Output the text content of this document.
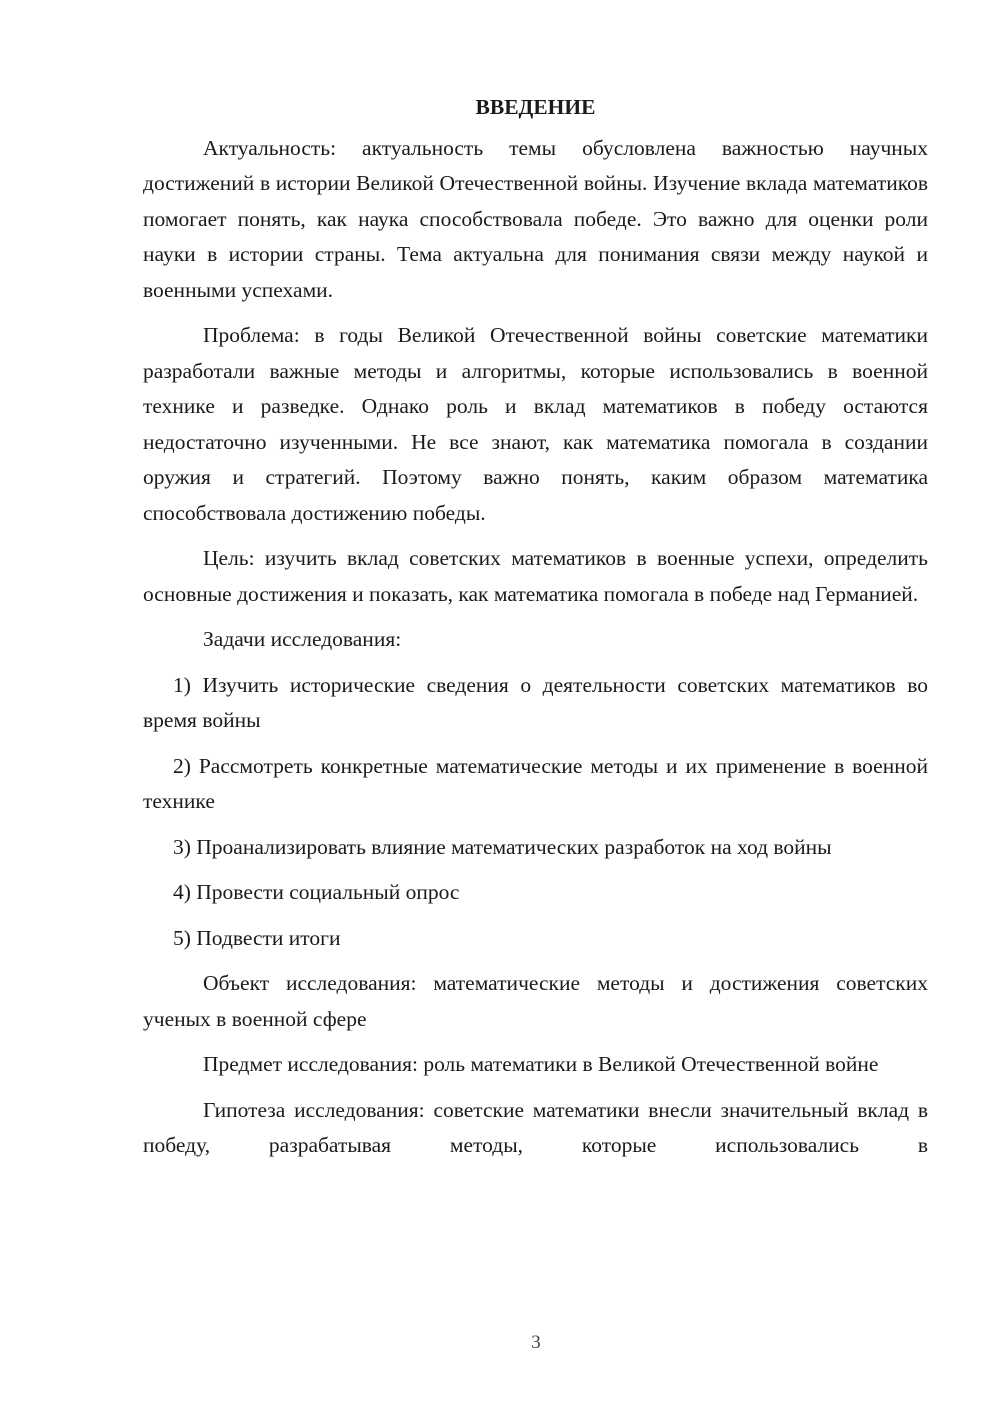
ВВЕДЕНИЕ

Актуальность: актуальность темы обусловлена важностью научных достижений в истории Великой Отечественной войны. Изучение вклада математиков помогает понять, как наука способствовала победе. Это важно для оценки роли науки в истории страны. Тема актуальна для понимания связи между наукой и военными успехами.

Проблема: в годы Великой Отечественной войны советские математики разработали важные методы и алгоритмы, которые использовались в военной технике и разведке. Однако роль и вклад математиков в победу остаются недостаточно изученными. Не все знают, как математика помогала в создании оружия и стратегий. Поэтому важно понять, каким образом математика способствовала достижению победы.

Цель: изучить вклад советских математиков в военные успехи, определить основные достижения и показать, как математика помогала в победе над Германией.

Задачи исследования:

1) Изучить исторические сведения о деятельности советских математиков во время войны

2) Рассмотреть конкретные математические методы и их применение в военной технике

3) Проанализировать влияние математических разработок на ход войны

4) Провести социальный опрос

5) Подвести итоги

Объект исследования: математические методы и достижения советских ученых в военной сфере

Предмет исследования: роль математики в Великой Отечественной войне

Гипотеза исследования: советские математики внесли значительный вклад в победу, разрабатывая методы, которые использовались в

3
